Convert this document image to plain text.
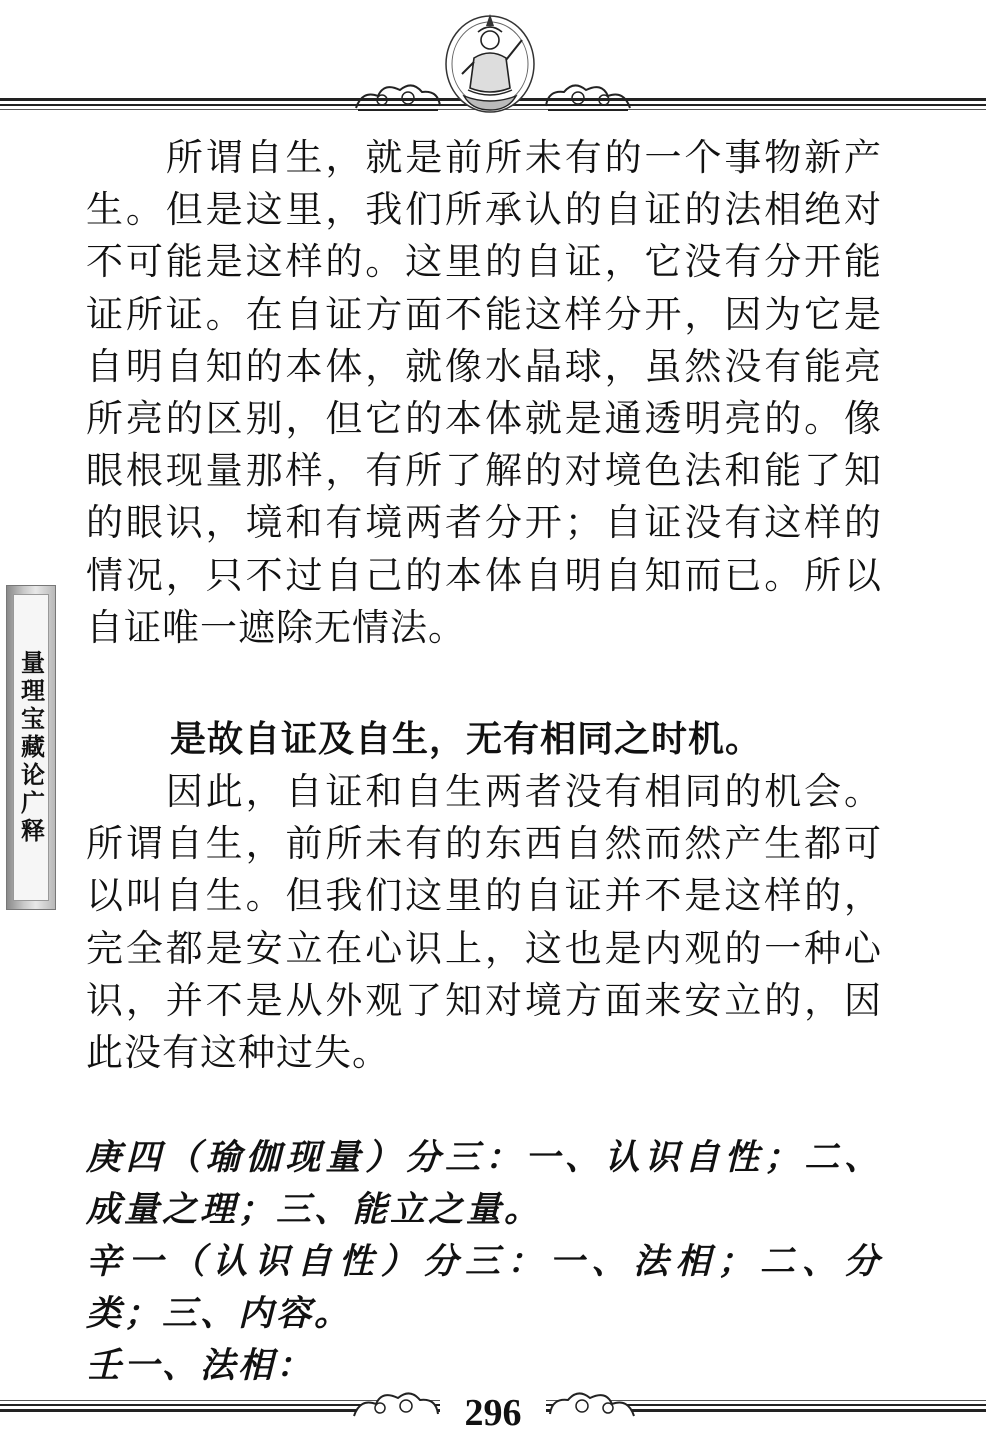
量理宝藏论广释

所谓自生，就是前所未有的一个事物新产生。但是这里，我们所承认的自证的法相绝对不可能是这样的。这里的自证，它没有分开能证所证。在自证方面不能这样分开，因为它是自明自知的本体，就像水晶球，虽然没有能亮所亮的区别，但它的本体就是通透明亮的。像眼根现量那样，有所了解的对境色法和能了知的眼识，境和有境两者分开；自证没有这样的情况，只不过自己的本体自明自知而已。所以自证唯一遮除无情法。

是故自证及自生，无有相同之时机。

因此，自证和自生两者没有相同的机会。所谓自生，前所未有的东西自然而然产生都可以叫自生。但我们这里的自证并不是这样的，完全都是安立在心识上，这也是内观的一种心识，并不是从外观了知对境方面来安立的，因此没有这种过失。

庚四（瑜伽现量）分三：一、认识自性；二、成量之理；三、能立之量。

辛一（认识自性）分三：一、法相；二、分类；三、内容。

壬一、法相：

296
